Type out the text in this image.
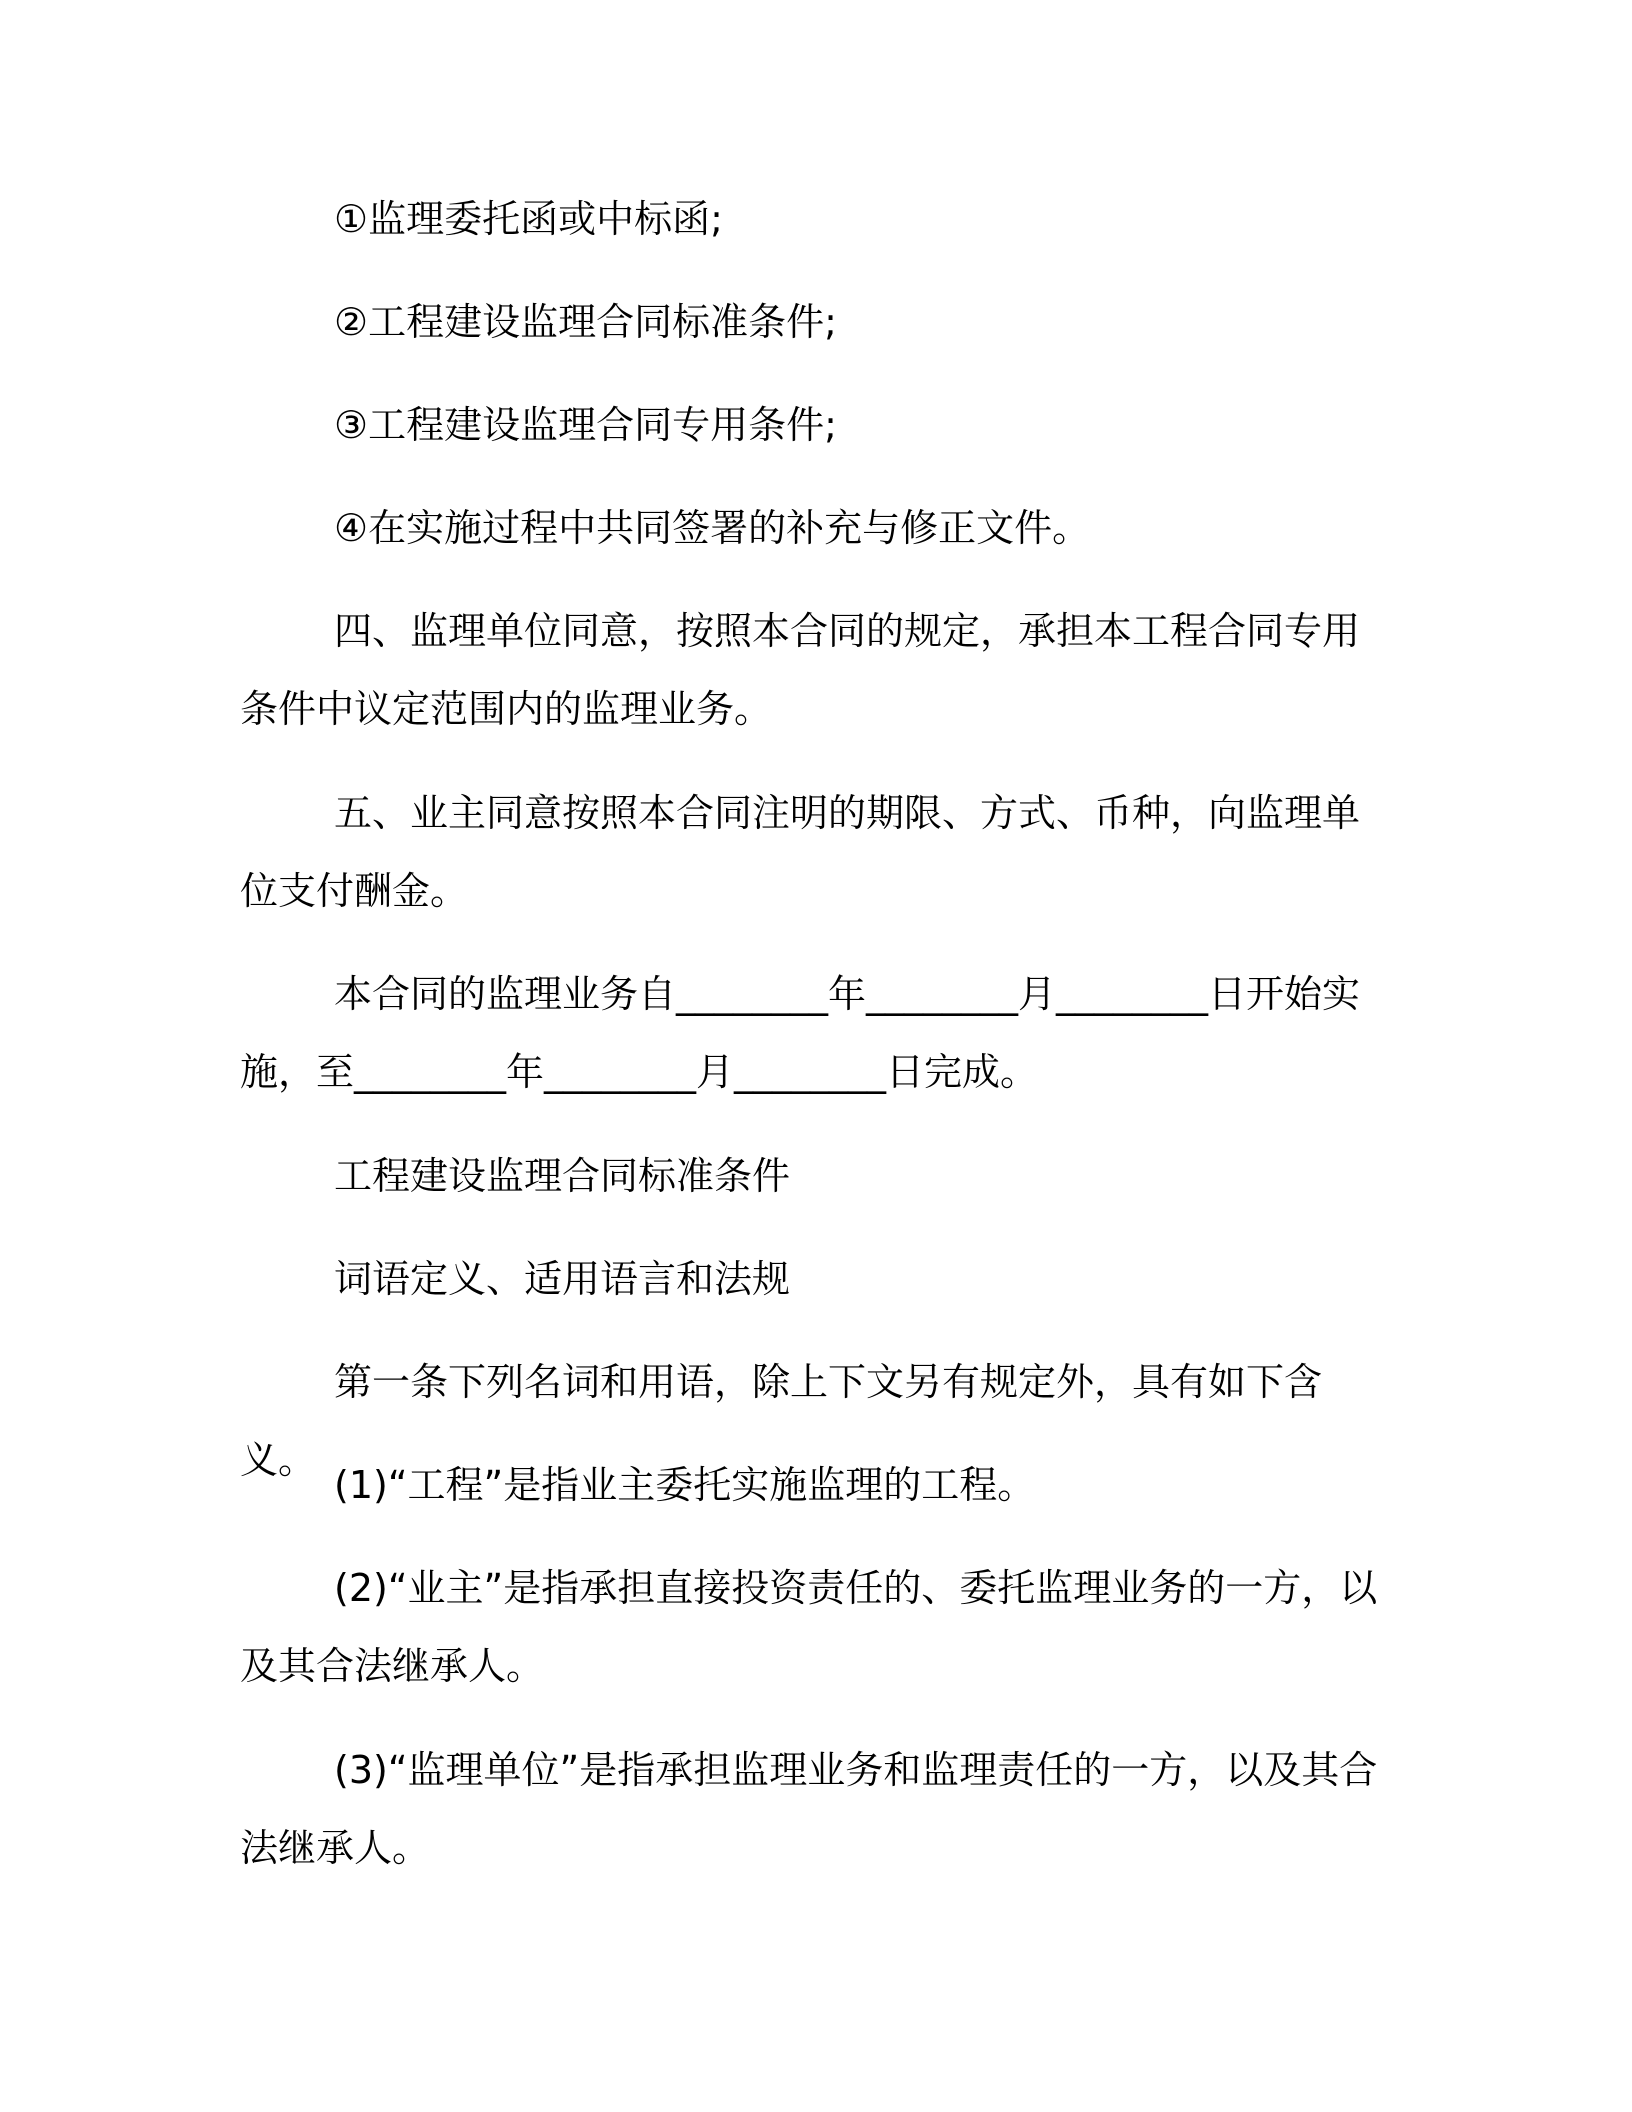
①监理委托函或中标函;
②工程建设监理合同标准条件;
③工程建设监理合同专用条件;
④在实施过程中共同签署的补充与修正文件。
四、监理单位同意，按照本合同的规定，承担本工程合同专用条件中议定范围内的监理业务。
五、业主同意按照本合同注明的期限、方式、币种，向监理单位支付酬金。
本合同的监理业务自________年________月________日开始实施，至________年________月________日完成。
工程建设监理合同标准条件
词语定义、适用语言和法规
第一条下列名词和用语，除上下文另有规定外，具有如下含义。
(1)“工程”是指业主委托实施监理的工程。
(2)“业主”是指承担直接投资责任的、委托监理业务的一方，以及其合法继承人。
(3)“监理单位”是指承担监理业务和监理责任的一方，以及其合法继承人。
